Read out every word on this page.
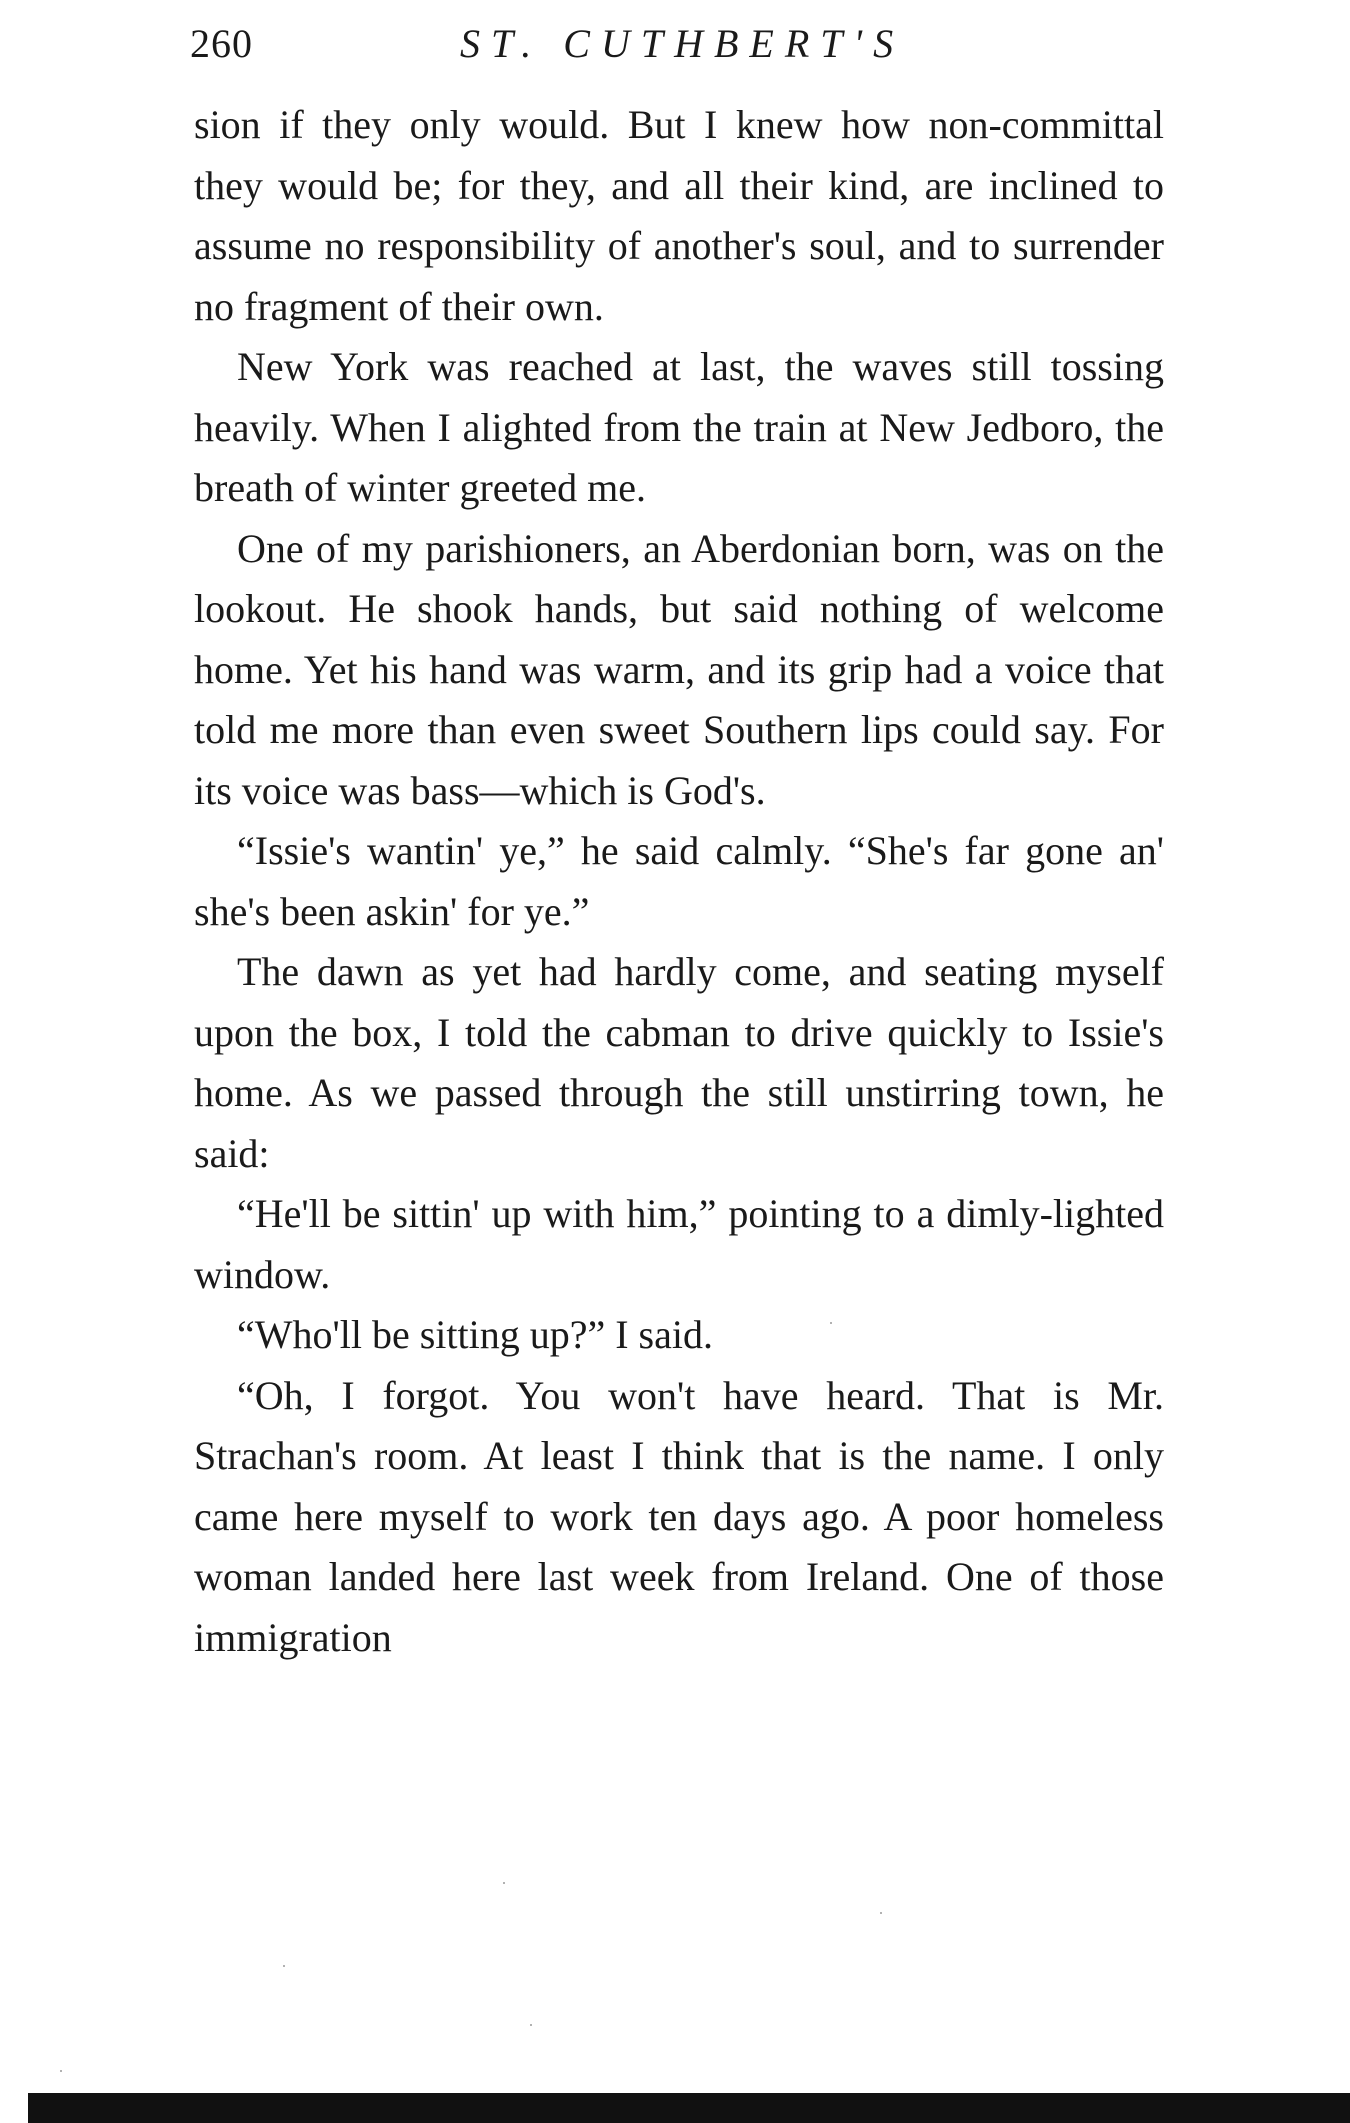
260	ST. CUTHBERT'S

sion if they only would. But I knew how non-committal they would be; for they, and all their kind, are inclined to assume no responsibility of another's soul, and to surrender no fragment of their own.

New York was reached at last, the waves still tossing heavily. When I alighted from the train at New Jedboro, the breath of winter greeted me.

One of my parishioners, an Aberdonian born, was on the lookout. He shook hands, but said nothing of welcome home. Yet his hand was warm, and its grip had a voice that told me more than even sweet Southern lips could say. For its voice was bass—which is God's.

“Issie's wantin' ye,” he said calmly. “She's far gone an' she's been askin' for ye.”

The dawn as yet had hardly come, and seating myself upon the box, I told the cabman to drive quickly to Issie's home. As we passed through the still unstirring town, he said:

“He'll be sittin' up with him,” pointing to a dimly-lighted window.

“Who'll be sitting up?” I said.

“Oh, I forgot. You won't have heard. That is Mr. Strachan's room. At least I think that is the name. I only came here myself to work ten days ago. A poor homeless woman landed here last week from Ireland. One of those immigration
